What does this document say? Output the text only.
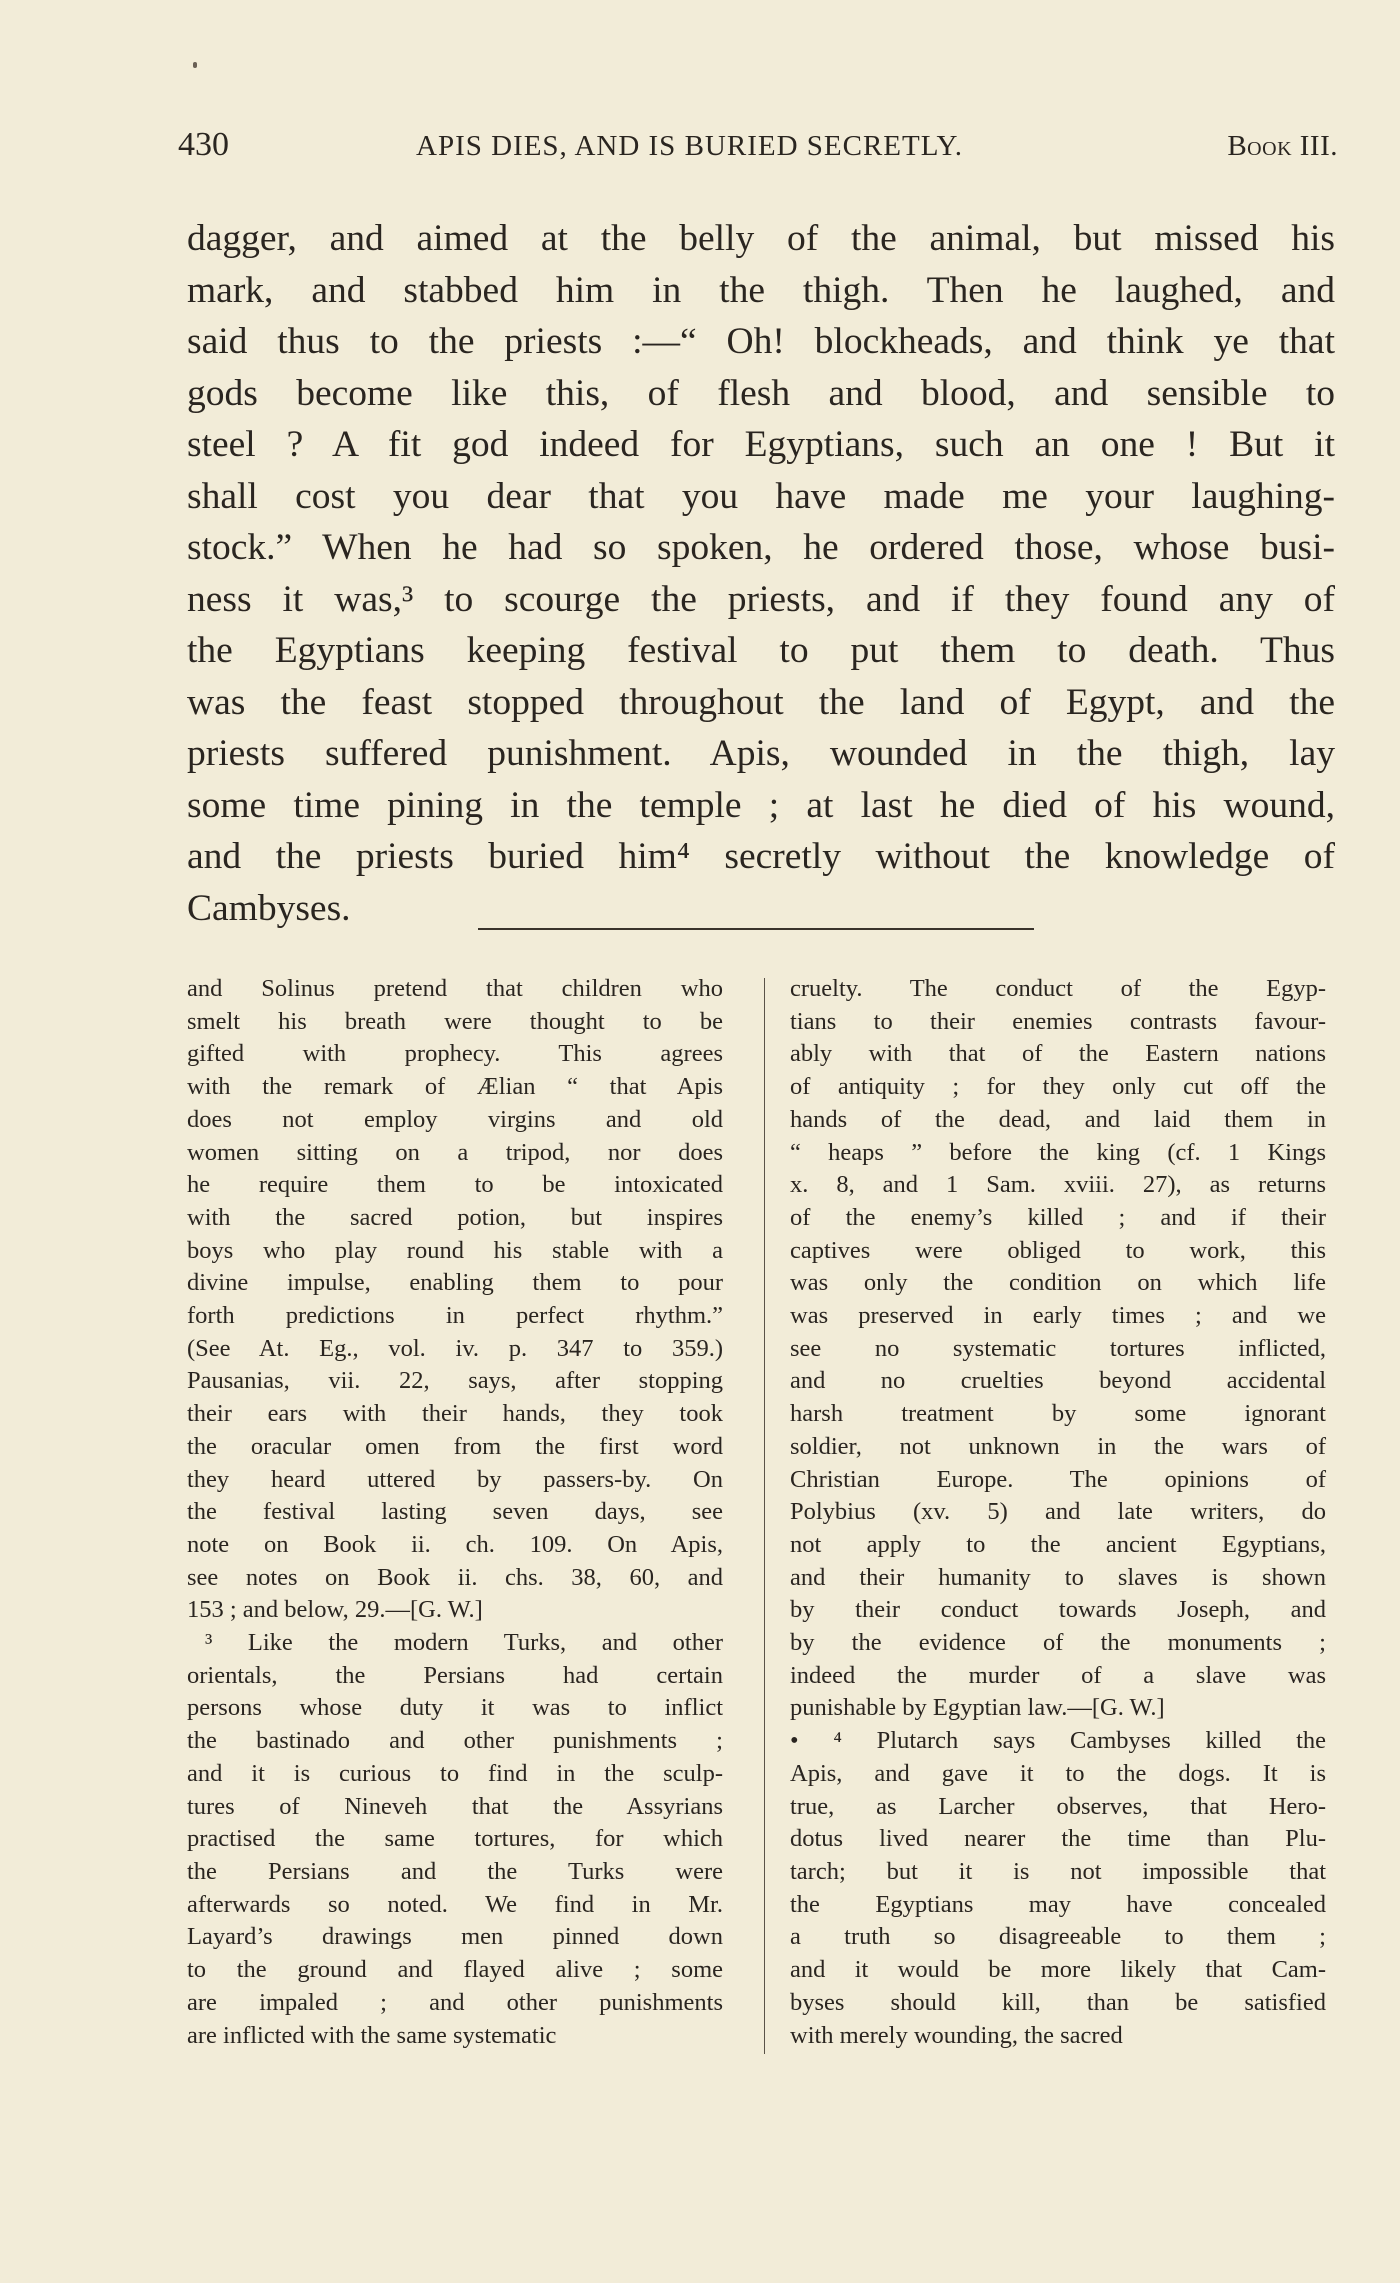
430	APIS DIES, AND IS BURIED SECRETLY.	Book III.
dagger, and aimed at the belly of the animal, but missed his
mark, and stabbed him in the thigh. Then he laughed, and
said thus to the priests :—“ Oh! blockheads, and think ye that
gods become like this, of flesh and blood, and sensible to
steel ? A fit god indeed for Egyptians, such an one ! But it
shall cost you dear that you have made me your laughing-
stock.” When he had so spoken, he ordered those, whose busi-
ness it was,³ to scourge the priests, and if they found any of
the Egyptians keeping festival to put them to death. Thus
was the feast stopped throughout the land of Egypt, and the
priests suffered punishment. Apis, wounded in the thigh, lay
some time pining in the temple ; at last he died of his wound,
and the priests buried him⁴ secretly without the knowledge of
Cambyses.
and Solinus pretend that children who
smelt his breath were thought to be
gifted with prophecy. This agrees
with the remark of Ælian “ that Apis
does not employ virgins and old
women sitting on a tripod, nor does
he require them to be intoxicated
with the sacred potion, but inspires
boys who play round his stable with a
divine impulse, enabling them to pour
forth predictions in perfect rhythm.”
(See At. Eg., vol. iv. p. 347 to 359.)
Pausanias, vii. 22, says, after stopping
their ears with their hands, they took
the oracular omen from the first word
they heard uttered by passers-by. On
the festival lasting seven days, see
note on Book ii. ch. 109. On Apis,
see notes on Book ii. chs. 38, 60, and
153 ; and below, 29.—[G. W.]
³ Like the modern Turks, and other
orientals, the Persians had certain
persons whose duty it was to inflict
the bastinado and other punishments ;
and it is curious to find in the sculp-
tures of Nineveh that the Assyrians
practised the same tortures, for which
the Persians and the Turks were
afterwards so noted. We find in Mr.
Layard’s drawings men pinned down
to the ground and flayed alive ; some
are impaled ; and other punishments
are inflicted with the same systematic
cruelty. The conduct of the Egyp-
tians to their enemies contrasts favour-
ably with that of the Eastern nations
of antiquity ; for they only cut off the
hands of the dead, and laid them in
“ heaps ” before the king (cf. 1 Kings
x. 8, and 1 Sam. xviii. 27), as returns
of the enemy’s killed ; and if their
captives were obliged to work, this
was only the condition on which life
was preserved in early times ; and we
see no systematic tortures inflicted,
and no cruelties beyond accidental
harsh treatment by some ignorant
soldier, not unknown in the wars of
Christian Europe. The opinions of
Polybius (xv. 5) and late writers, do
not apply to the ancient Egyptians,
and their humanity to slaves is shown
by their conduct towards Joseph, and
by the evidence of the monuments ;
indeed the murder of a slave was
punishable by Egyptian law.—[G. W.]
• ⁴ Plutarch says Cambyses killed the
Apis, and gave it to the dogs. It is
true, as Larcher observes, that Hero-
dotus lived nearer the time than Plu-
tarch; but it is not impossible that
the Egyptians may have concealed
a truth so disagreeable to them ;
and it would be more likely that Cam-
byses should kill, than be satisfied
with merely wounding, the sacred
